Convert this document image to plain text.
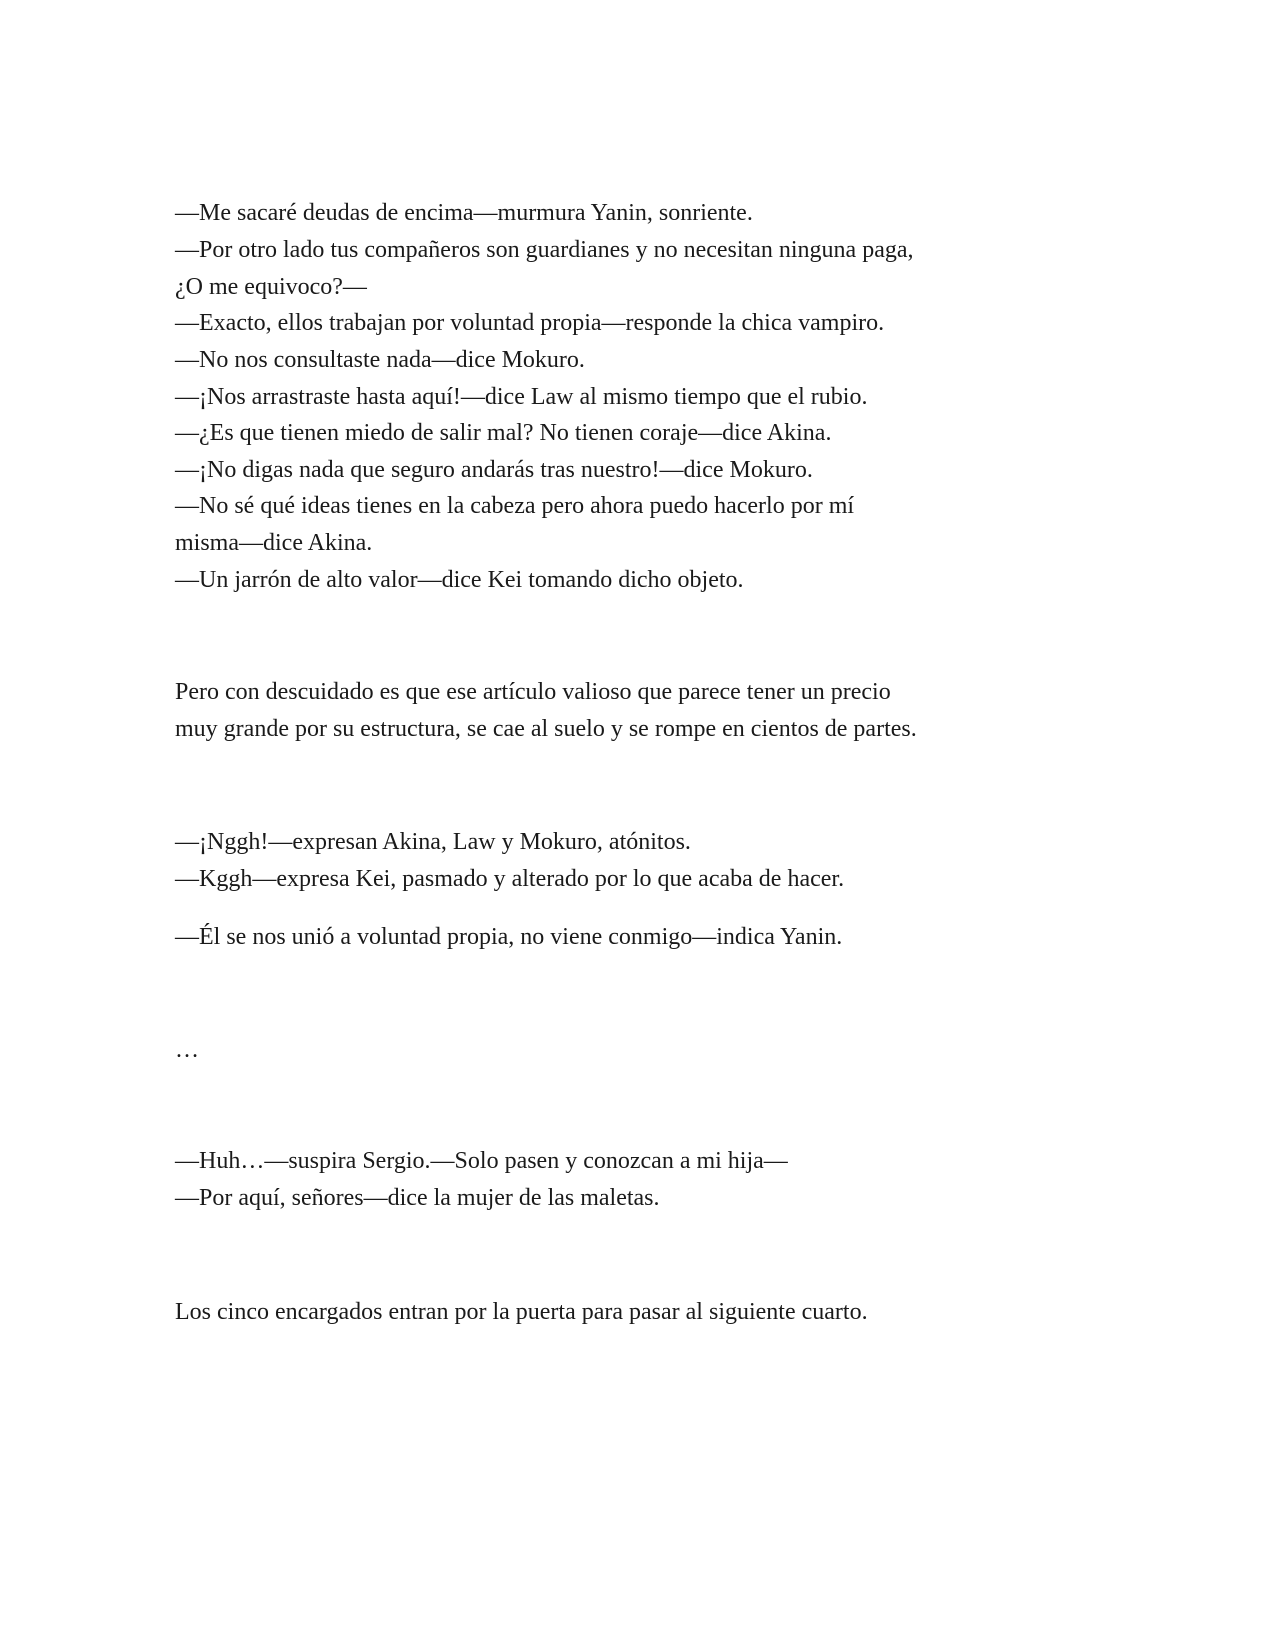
—Me sacaré deudas de encima—murmura Yanin, sonriente.

—Por otro lado tus compañeros son guardianes y no necesitan ninguna paga,

¿O me equivoco?—

—Exacto, ellos trabajan por voluntad propia—responde la chica vampiro.

—No nos consultaste nada—dice Mokuro.

—¡Nos arrastraste hasta aquí!—dice Law al mismo tiempo que el rubio.

—¿Es que tienen miedo de salir mal? No tienen coraje—dice Akina.

—¡No digas nada que seguro andarás tras nuestro!—dice Mokuro.

—No sé qué ideas tienes en la cabeza pero ahora puedo hacerlo por mí

misma—dice Akina.

—Un jarrón de alto valor—dice Kei tomando dicho objeto.

Pero con descuidado es que ese artículo valioso que parece tener un precio

muy grande por su estructura, se cae al suelo y se rompe en cientos de partes.

—¡Nggh!—expresan Akina, Law y Mokuro, atónitos.

—Kggh—expresa Kei, pasmado y alterado por lo que acaba de hacer.

—Él se nos unió a voluntad propia, no viene conmigo—indica Yanin.

…

—Huh…—suspira Sergio.—Solo pasen y conozcan a mi hija—

—Por aquí, señores—dice la mujer de las maletas.

Los cinco encargados entran por la puerta para pasar al siguiente cuarto.
